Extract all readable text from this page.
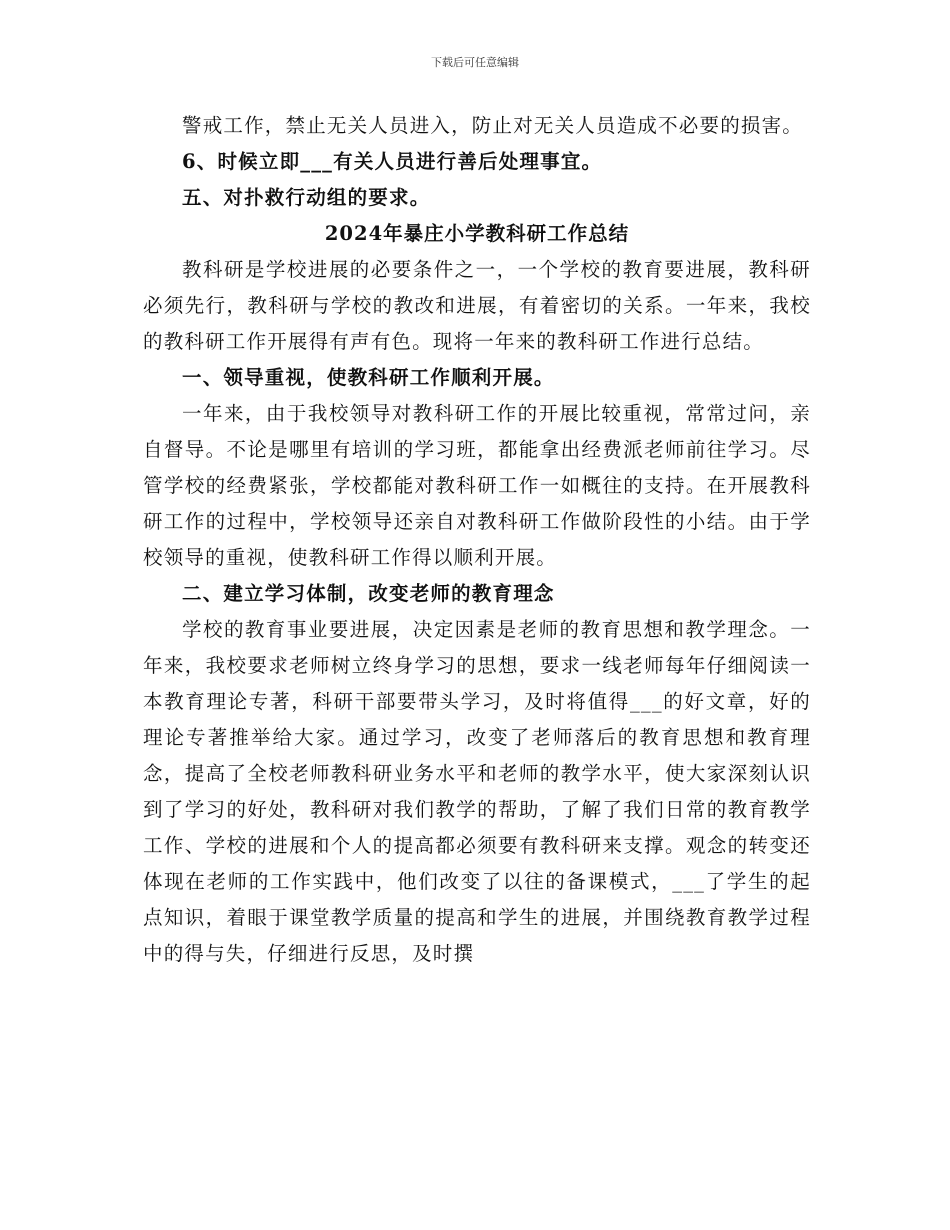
下载后可任意编辑

警戒工作，禁止无关人员进入，防止对无关人员造成不必要的损害。

6、时候立即___有关人员进行善后处理事宜。

五、对扑救行动组的要求。

2024年暴庄小学教科研工作总结

教科研是学校进展的必要条件之一，一个学校的教育要进展，教科研必须先行，教科研与学校的教改和进展，有着密切的关系。一年来，我校的教科研工作开展得有声有色。现将一年来的教科研工作进行总结。

一、领导重视，使教科研工作顺利开展。

一年来，由于我校领导对教科研工作的开展比较重视，常常过问，亲自督导。不论是哪里有培训的学习班，都能拿出经费派老师前往学习。尽管学校的经费紧张，学校都能对教科研工作一如概往的支持。在开展教科研工作的过程中，学校领导还亲自对教科研工作做阶段性的小结。由于学校领导的重视，使教科研工作得以顺利开展。

二、建立学习体制，改变老师的教育理念

学校的教育事业要进展，决定因素是老师的教育思想和教学理念。一年来，我校要求老师树立终身学习的思想，要求一线老师每年仔细阅读一本教育理论专著，科研干部要带头学习，及时将值得___的好文章，好的理论专著推举给大家。通过学习，改变了老师落后的教育思想和教育理念，提高了全校老师教科研业务水平和老师的教学水平，使大家深刻认识到了学习的好处，教科研对我们教学的帮助，了解了我们日常的教育教学工作、学校的进展和个人的提高都必须要有教科研来支撑。观念的转变还体现在老师的工作实践中，他们改变了以往的备课模式，___了学生的起点知识，着眼于课堂教学质量的提高和学生的进展，并围绕教育教学过程中的得与失，仔细进行反思，及时撰
